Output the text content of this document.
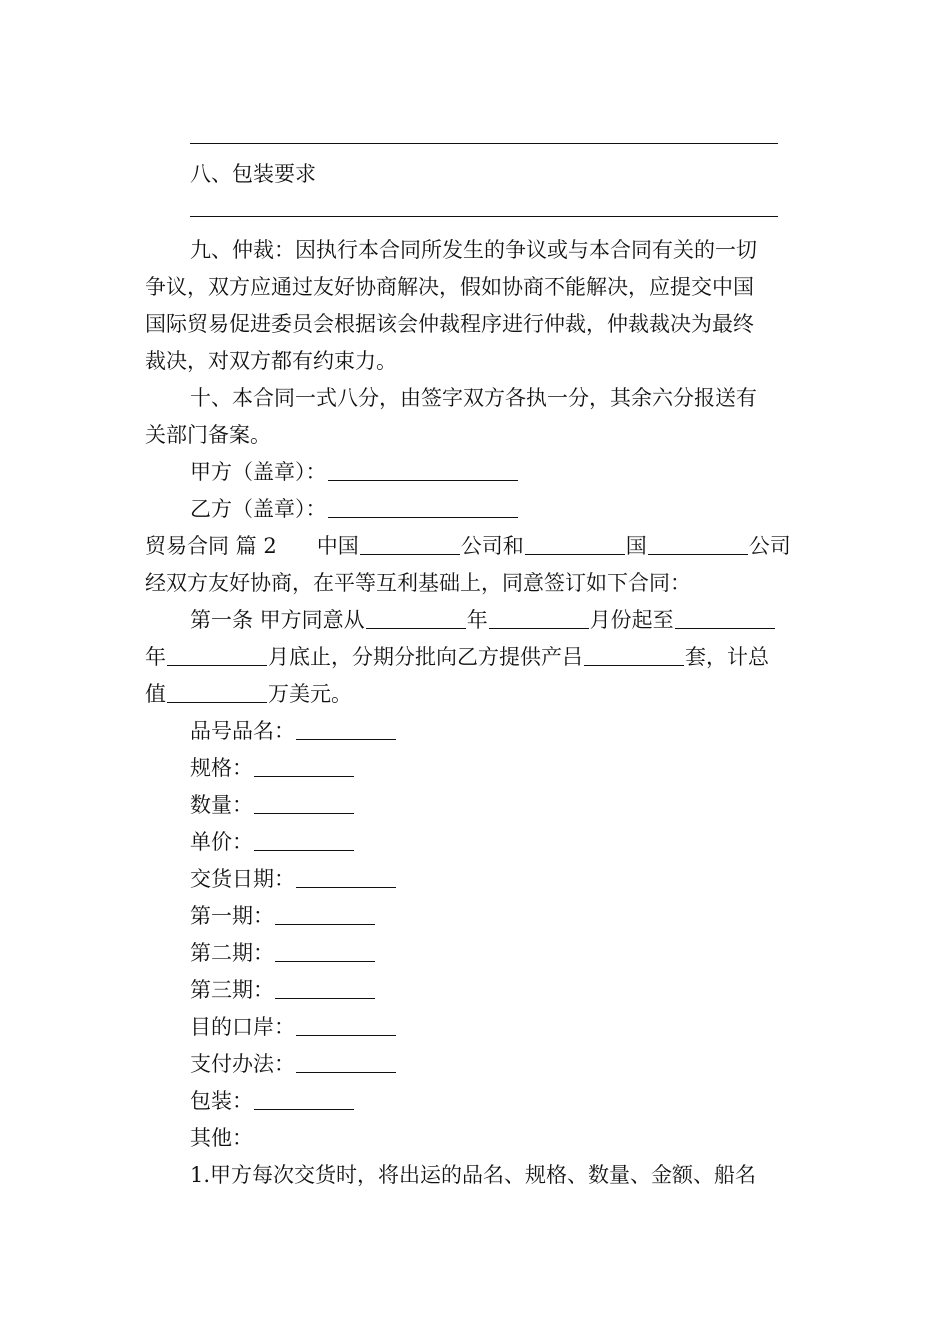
八、包装要求
九、仲裁：因执行本合同所发生的争议或与本合同有关的一切
争议，双方应通过友好协商解决，假如协商不能解决，应提交中国
国际贸易促进委员会根据该会仲裁程序进行仲裁，仲裁裁决为最终
裁决，对双方都有约束力。
十、本合同一式八分，由签字双方各执一分，其余六分报送有
关部门备案。
甲方（盖章）：
乙方（盖章）：
贸易合同 篇 2 中国	公司和	国	公司
经双方友好协商，在平等互利基础上，同意签订如下合同：
第一条 甲方同意从	年	月份起至
年	月底止，分期分批向乙方提供产吕	套，计总
值	万美元。
品号品名：
规格：
数量：
单价：
交货日期：
第一期：
第二期：
第三期：
目的口岸：
支付办法：
包装：
其他：
1.甲方每次交货时，将出运的品名、规格、数量、金额、船名
